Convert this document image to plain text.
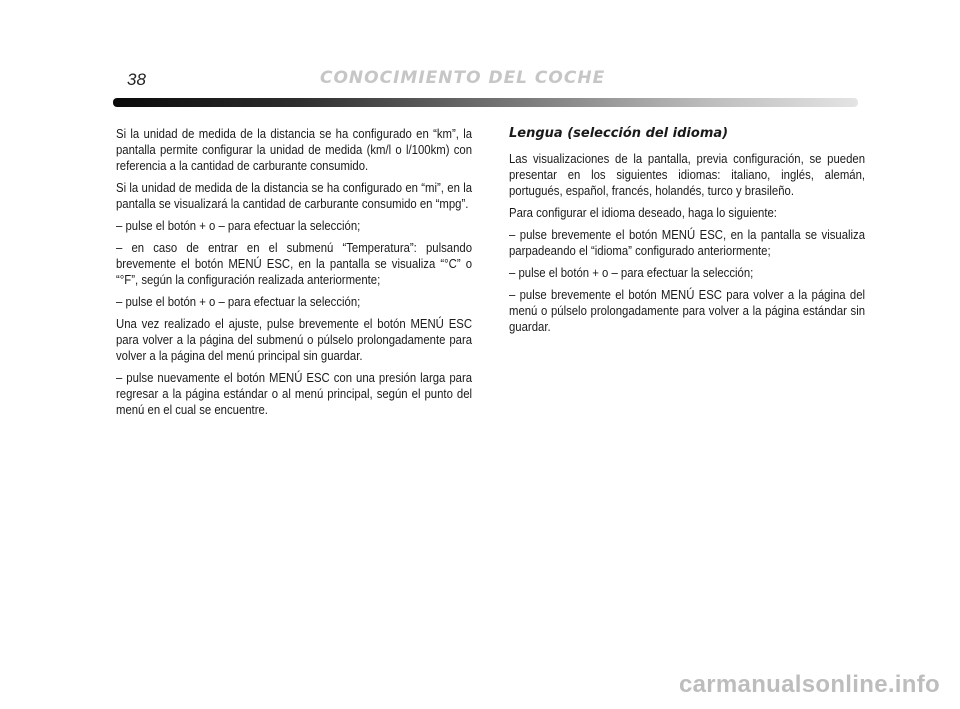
38	CONOCIMIENTO DEL COCHE

Si la unidad de medida de la distancia se ha configurado en “km”, la pantalla permite configurar la unidad de medida (km/l o l/100km) con referencia a la cantidad de carburante consumido.

Si la unidad de medida de la distancia se ha configurado en “mi”, en la pantalla se visualizará la cantidad de carburante consumido en “mpg”.

– pulse el botón + o – para efectuar la selección;

– en caso de entrar en el submenú “Temperatura”: pulsando brevemente el botón MENÚ ESC, en la pantalla se visualiza “°C” o “°F”, según la configuración realizada anteriormente;

– pulse el botón + o – para efectuar la selección;

Una vez realizado el ajuste, pulse brevemente el botón MENÚ ESC para volver a la página del submenú o púlselo prolongadamente para volver a la página del menú principal sin guardar.

– pulse nuevamente el botón MENÚ ESC con una presión larga para regresar a la página estándar o al menú principal, según el punto del menú en el cual se encuentre.

Lengua (selección del idioma)

Las visualizaciones de la pantalla, previa configuración, se pueden presentar en los siguientes idiomas: italiano, inglés, alemán, portugués, español, francés, holandés, turco y brasileño.

Para configurar el idioma deseado, haga lo siguiente:

– pulse brevemente el botón MENÚ ESC, en la pantalla se visualiza parpadeando el “idioma” configurado anteriormente;

– pulse el botón + o – para efectuar la selección;

– pulse brevemente el botón MENÚ ESC para volver a la página del menú o púlselo prolongadamente para volver a la página estándar sin guardar.

carmanualsonline.info
